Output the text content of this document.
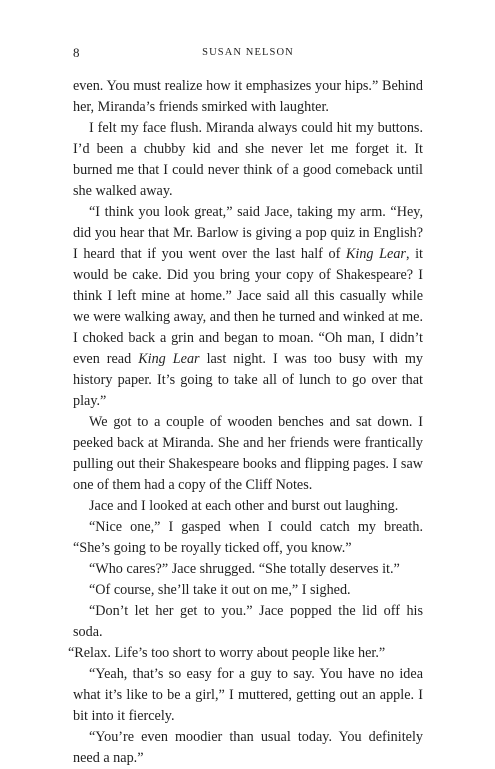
8	SUSAN NELSON

even. You must realize how it emphasizes your hips.” Behind her, Miranda’s friends smirked with laughter.

I felt my face flush. Miranda always could hit my buttons. I’d been a chubby kid and she never let me forget it. It burned me that I could never think of a good comeback until she walked away.

“I think you look great,” said Jace, taking my arm. “Hey, did you hear that Mr. Barlow is giving a pop quiz in English? I heard that if you went over the last half of King Lear, it would be cake. Did you bring your copy of Shakespeare? I think I left mine at home.” Jace said all this casually while we were walking away, and then he turned and winked at me. I choked back a grin and began to moan. “Oh man, I didn’t even read King Lear last night. I was too busy with my history paper. It’s going to take all of lunch to go over that play.”

We got to a couple of wooden benches and sat down. I peeked back at Miranda. She and her friends were frantically pulling out their Shakespeare books and flipping pages. I saw one of them had a copy of the Cliff Notes.

Jace and I looked at each other and burst out laughing.

“Nice one,” I gasped when I could catch my breath. “She’s going to be royally ticked off, you know.”

“Who cares?” Jace shrugged. “She totally deserves it.”

“Of course, she’ll take it out on me,” I sighed.

“Don’t let her get to you.” Jace popped the lid off his soda.
“Relax. Life’s too short to worry about people like her.”

“Yeah, that’s so easy for a guy to say. You have no idea what it’s like to be a girl,” I muttered, getting out an apple. I bit into it fiercely.

“You’re even moodier than usual today. You definitely need a nap.”
